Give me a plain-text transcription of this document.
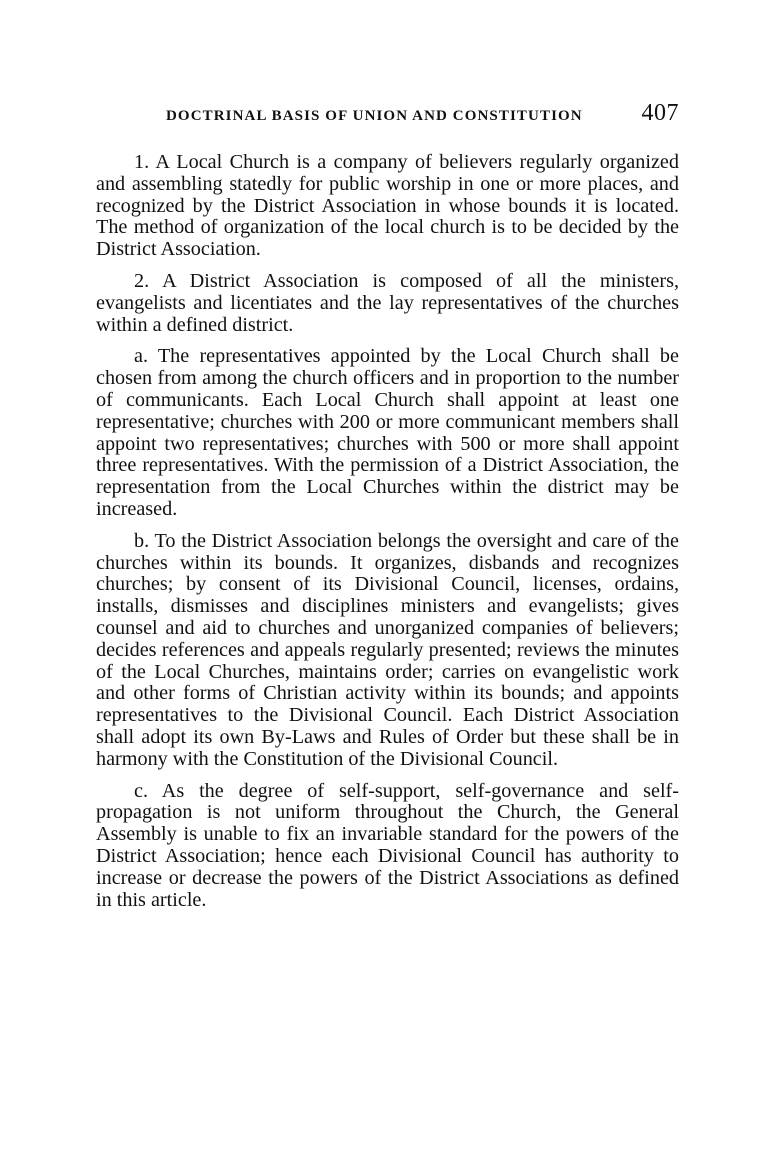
DOCTRINAL BASIS OF UNION AND CONSTITUTION 407

1. A Local Church is a company of believers regularly organized and assembling statedly for public worship in one or more places, and recognized by the District Association in whose bounds it is located. The method of organization of the local church is to be decided by the District Association.

2. A District Association is composed of all the ministers, evangelists and licentiates and the lay representatives of the churches within a defined district.

a. The representatives appointed by the Local Church shall be chosen from among the church officers and in proportion to the number of communicants. Each Local Church shall appoint at least one representative; churches with 200 or more communicant members shall appoint two representatives; churches with 500 or more shall appoint three representatives. With the permission of a District Association, the representation from the Local Churches within the district may be increased.

b. To the District Association belongs the oversight and care of the churches within its bounds. It organizes, disbands and recognizes churches; by consent of its Divisional Council, licenses, ordains, installs, dismisses and disciplines ministers and evangelists; gives counsel and aid to churches and unorganized companies of believers; decides references and appeals regularly presented; reviews the minutes of the Local Churches, maintains order; carries on evangelistic work and other forms of Christian activity within its bounds; and appoints representatives to the Divisional Council. Each District Association shall adopt its own By-Laws and Rules of Order but these shall be in harmony with the Constitution of the Divisional Council.

c. As the degree of self-support, self-governance and self-propagation is not uniform throughout the Church, the General Assembly is unable to fix an invariable standard for the powers of the District Association; hence each Divisional Council has authority to increase or decrease the powers of the District Associations as defined in this article.
